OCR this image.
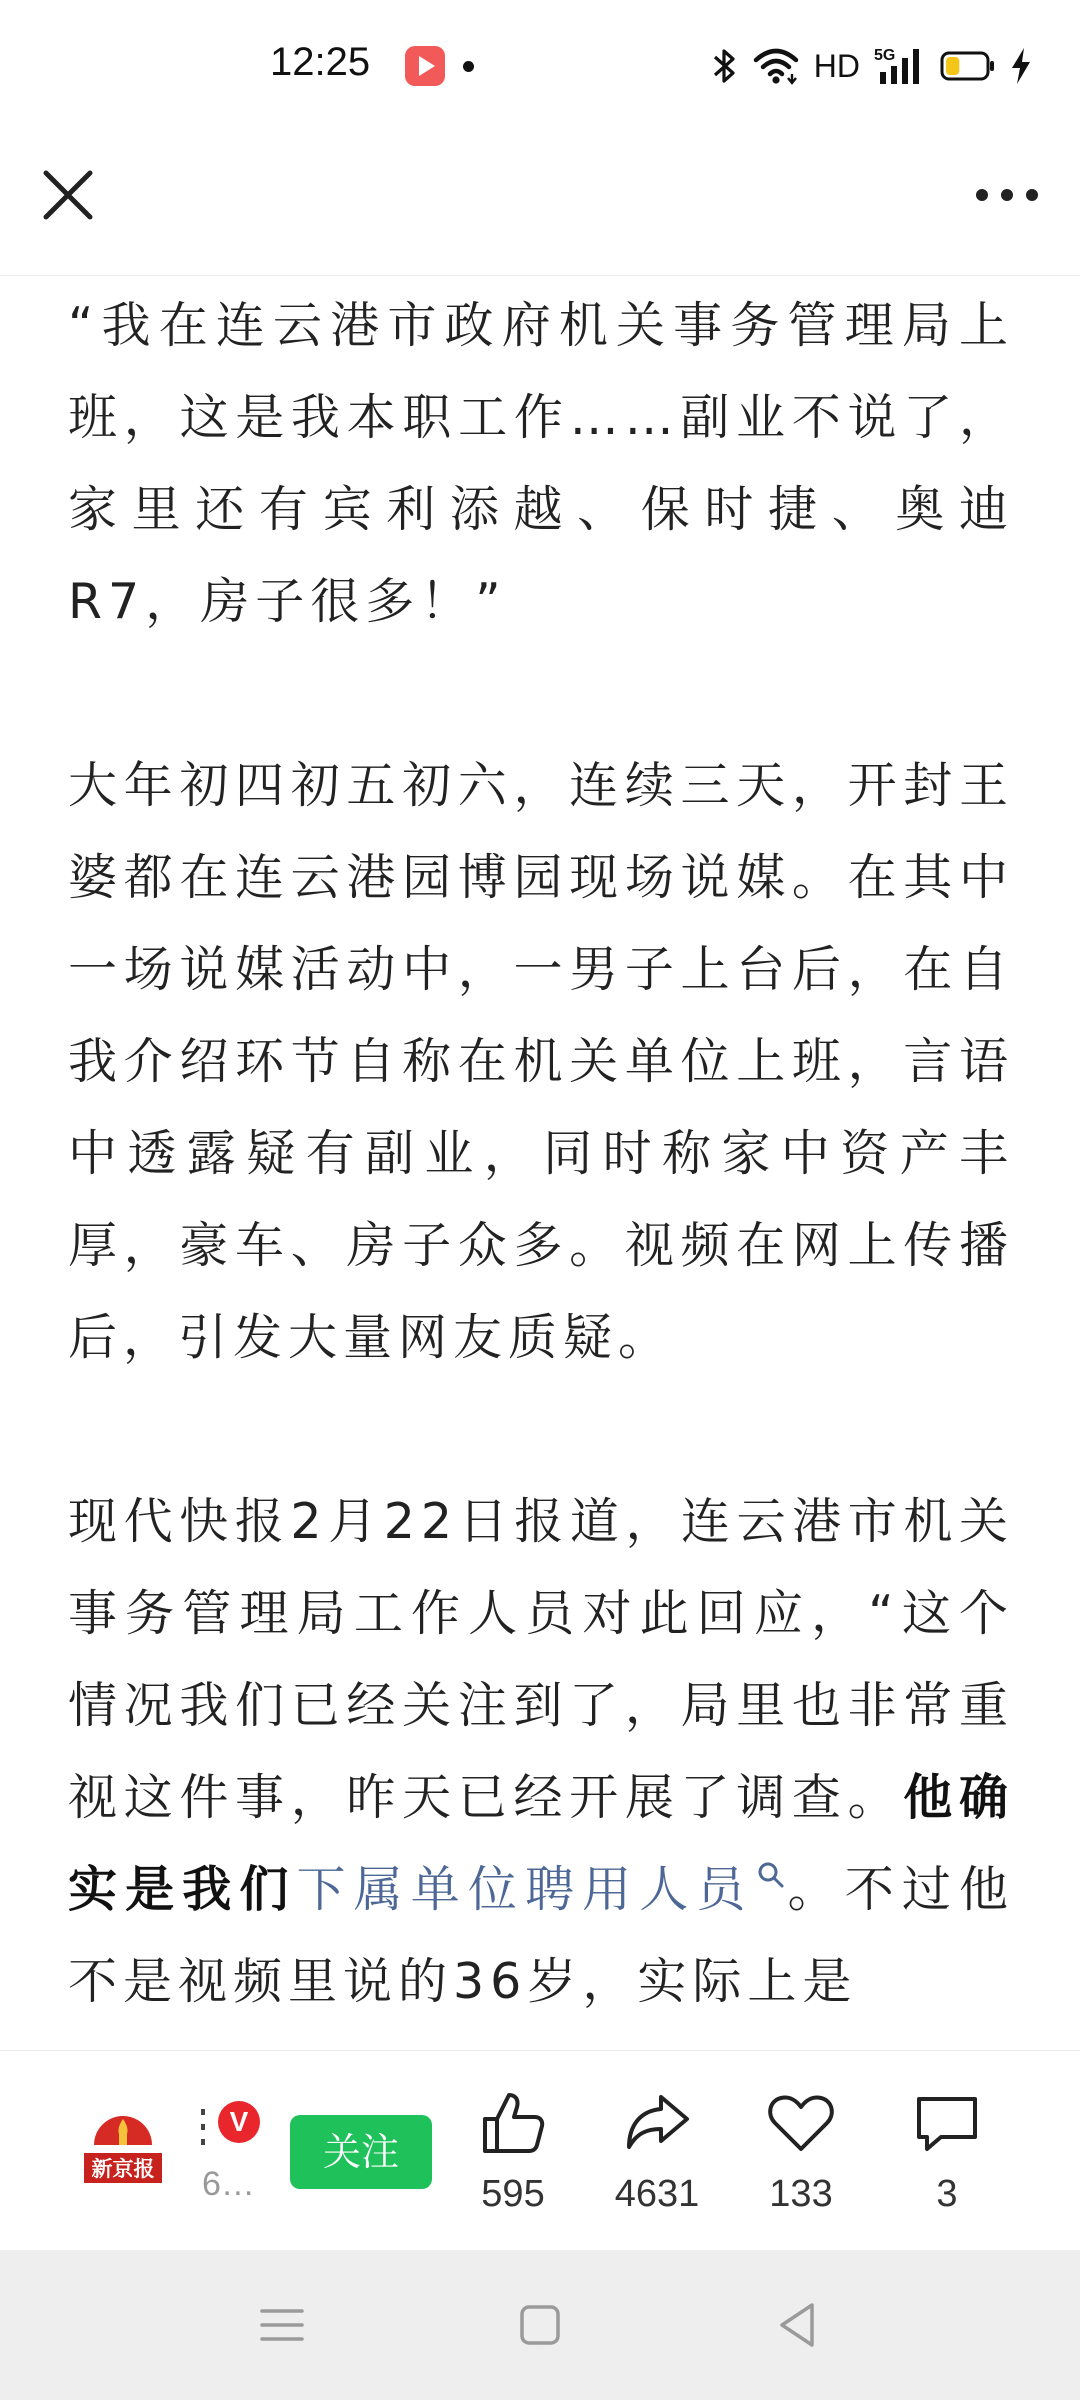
12:25	HD 5G

“我在连云港市政府机关事务管理局上班，这是我本职工作……副业不说了，家里还有宾利添越、保时捷、奥迪R7，房子很多！”

大年初四初五初六，连续三天，开封王婆都在连云港园博园现场说媒。在其中一场说媒活动中，一男子上台后，在自我介绍环节自称在机关单位上班，言语中透露疑有副业，同时称家中资产丰厚，豪车、房子众多。视频在网上传播后，引发大量网友质疑。

现代快报2月22日报道，连云港市机关事务管理局工作人员对此回应，“这个情况我们已经关注到了，局里也非常重视这件事，昨天已经开展了调查。他确实是我们下属单位聘用人员 。不过他不是视频里说的36岁，实际上是

新京报
V
6…
关注
595	4631	133	3
